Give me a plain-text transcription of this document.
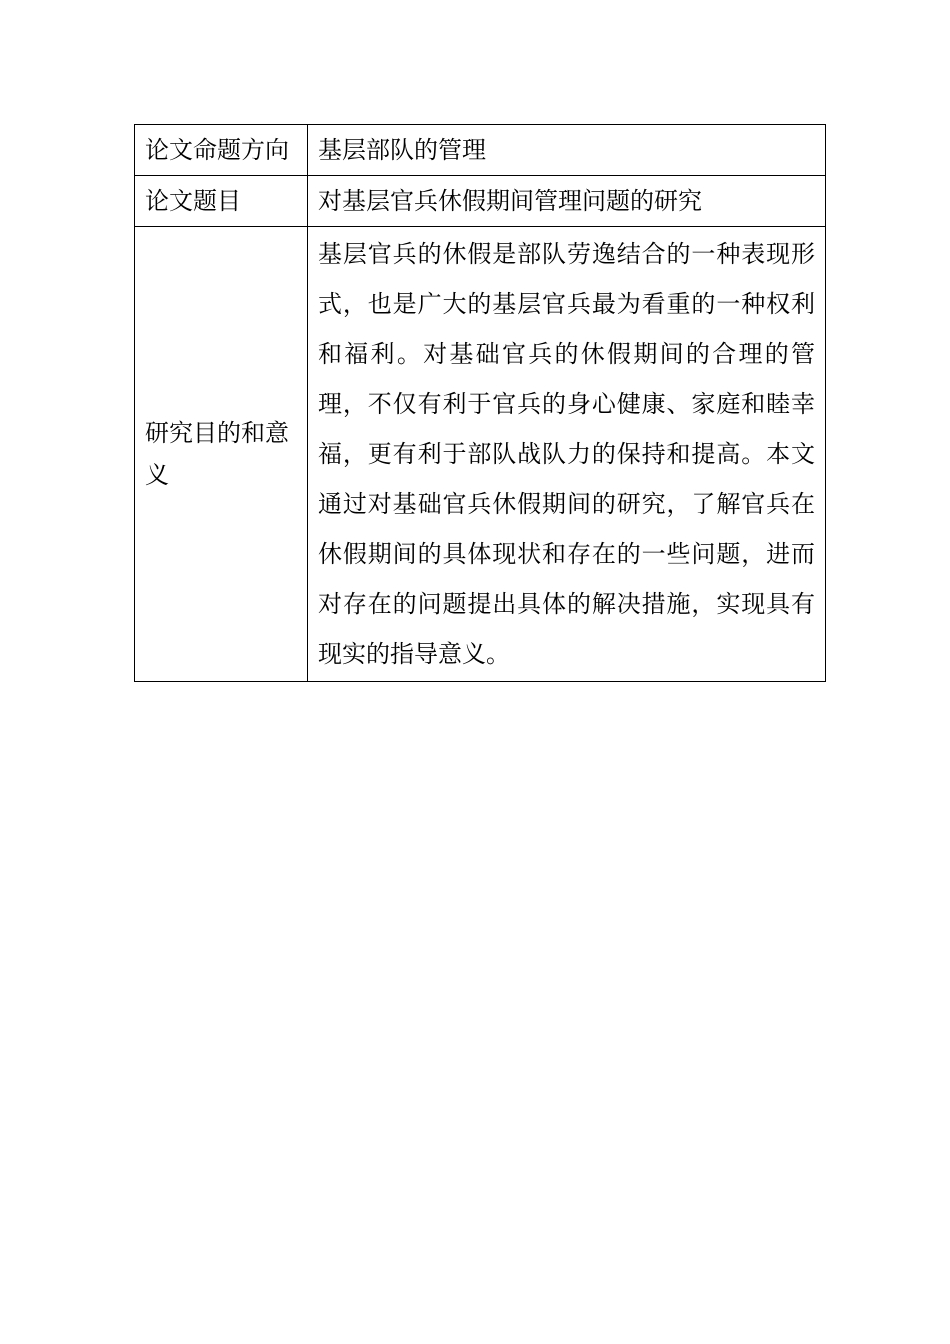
论文命题方向	基层部队的管理
论文题目	对基层官兵休假期间管理问题的研究
研究目的和意义	基层官兵的休假是部队劳逸结合的一种表现形式，也是广大的基层官兵最为看重的一种权利和福利。对基础官兵的休假期间的合理的管理，不仅有利于官兵的身心健康、家庭和睦幸福，更有利于部队战队力的保持和提高。本文通过对基础官兵休假期间的研究，了解官兵在休假期间的具体现状和存在的一些问题，进而对存在的问题提出具体的解决措施，实现具有现实的指导意义。
